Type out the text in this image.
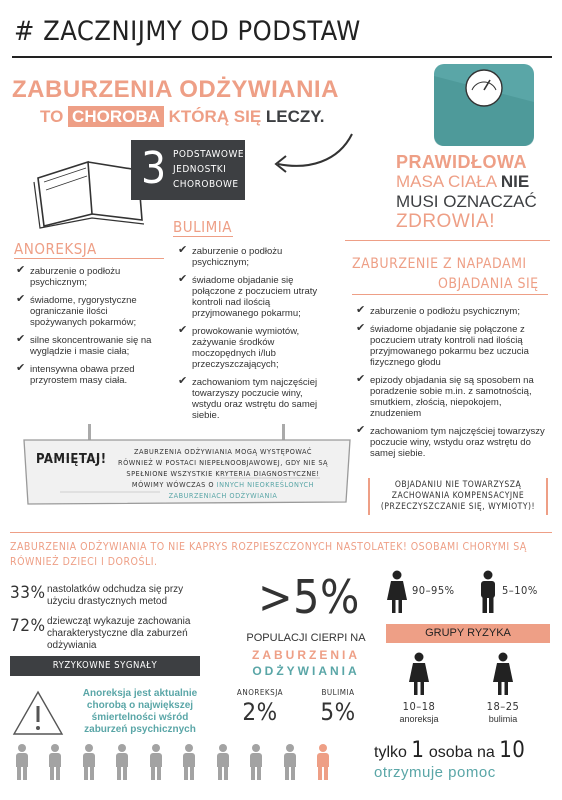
# ZACZNIJMY OD PODSTAW
ZABURZENIA ODŻYWIANIA
TO CHOROBA KTÓRĄ SIĘ LECZY.
3 PODSTAWOWE
JEDNOSTKI
CHOROBOWE
PRAWIDŁOWA
MASA CIAŁA NIE
MUSI OZNACZAĆ
ZDROWIA!
ANOREKSJA
✔ zaburzenie o podłożu psychicznym;
✔ świadome, rygorystyczne ograniczanie ilości spożywanych pokarmów;
✔ silne skoncentrowanie się na wyglądzie i masie ciała;
✔ intensywna obawa przed przyrostem masy ciała.
BULIMIA
✔ zaburzenie o podłożu psychicznym;
✔ świadome objadanie się połączone z poczuciem utraty kontroli nad ilością przyjmowanego pokarmu;
✔ prowokowanie wymiotów, zażywanie środków moczopędnych i/lub przeczyszczających;
✔ zachowaniom tym najczęściej towarzyszy poczucie winy, wstydu oraz wstrętu do samej siebie.
ZABURZENIE Z NAPADAMI
OBJADANIA SIĘ
✔ zaburzenie o podłożu psychicznym;
✔ świadome objadanie się połączone z poczuciem utraty kontroli nad ilością przyjmowanego pokarmu bez uczucia fizycznego głodu
✔ epizody objadania się są sposobem na poradzenie sobie m.in. z samotnością, smutkiem, złością, niepokojem, znudzeniem
✔ zachowaniom tym najczęściej towarzyszy poczucie winy, wstydu oraz wstrętu do samej siebie.
OBJADANIU NIE TOWARZYSZĄ ZACHOWANIA KOMPENSACYJNE (PRZECZYSZCZANIE SIĘ, WYMIOTY)!
PAMIĘTAJ!
ZABURZENIA ODŻYWIANIA MOGĄ WYSTĘPOWAĆ RÓWNIEŻ W POSTACI NIEPEŁNOOBJAWOWEJ, GDY NIE SĄ SPEŁNIONE WSZYSTKIE KRYTERIA DIAGNOSTYCZNE! MÓWIMY WÓWCZAS O INNYCH NIEOKREŚLONYCH ZABURZENIACH ODŻYWIANIA
ZABURZENIA ODŻYWIANIA TO NIE KAPRYS ROZPIESZCZONYCH NASTOLATEK! OSOBAMI CHORYMI SĄ RÓWNIEŻ DZIECI I DOROŚLI.
33% nastolatków odchudza się przy użyciu drastycznych metod
72% dziewcząt wykazuje zachowania charakterystyczne dla zaburzeń odżywiania
RYZYKOWNE SYGNAŁY
Anoreksja jest aktualnie chorobą o największej śmiertelności wśród zaburzeń psychicznych
>5%
POPULACJI CIERPI NA
ZABURZENIA
ODŻYWIANIA
ANOREKSJA
2%
BULIMIA
5%
90–95%	5–10%
GRUPY RYZYKA
10–18
anoreksja
18–25
bulimia

tylko 1 osoba na 10
otrzymuje pomoc
